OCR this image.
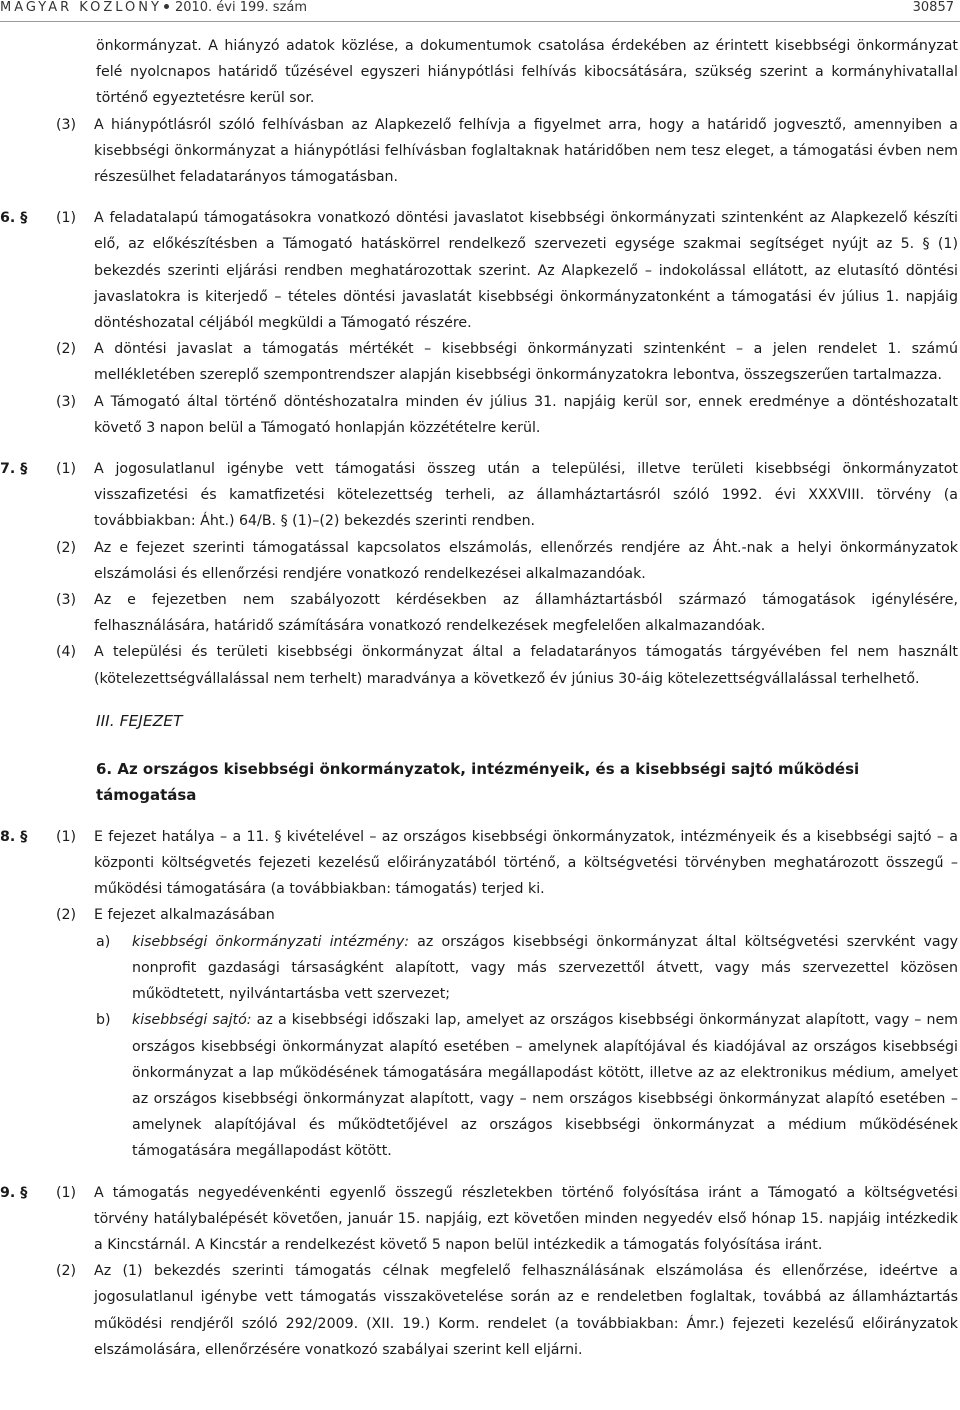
MAGYAR KÖZLÖNY 2010. évi 199. szám	30857
önkormányzat. A hiányzó adatok közlése, a dokumentumok csatolása érdekében az érintett kisebbségi önkormányzat felé nyolcnapos határidő tűzésével egyszeri hiánypótlási felhívás kibocsátására, szükség szerint a kormányhivatallal történő egyeztetésre kerül sor.
(3)	A hiánypótlásról szóló felhívásban az Alapkezelő felhívja a figyelmet arra, hogy a határidő jogvesztő, amennyiben a kisebbségi önkormányzat a hiánypótlási felhívásban foglaltaknak határidőben nem tesz eleget, a támogatási évben nem részesülhet feladatarányos támogatásban.
6. §	(1)	A feladatalapú támogatásokra vonatkozó döntési javaslatot kisebbségi önkormányzati szintenként az Alapkezelő készíti elő, az előkészítésben a Támogató hatáskörrel rendelkező szervezeti egysége szakmai segítséget nyújt az 5. § (1) bekezdés szerinti eljárási rendben meghatározottak szerint. Az Alapkezelő – indokolással ellátott, az elutasító döntési javaslatokra is kiterjedő – tételes döntési javaslatát kisebbségi önkormányzatonként a támogatási év július 1. napjáig döntéshozatal céljából megküldi a Támogató részére.
(2)	A döntési javaslat a támogatás mértékét – kisebbségi önkormányzati szintenként – a jelen rendelet 1. számú mellékletében szereplő szempontrendszer alapján kisebbségi önkormányzatokra lebontva, összegszerűen tartalmazza.
(3)	A Támogató által történő döntéshozatalra minden év július 31. napjáig kerül sor, ennek eredménye a döntéshozatalt követő 3 napon belül a Támogató honlapján közzétételre kerül.
7. §	(1)	A jogosulatlanul igénybe vett támogatási összeg után a települési, illetve területi kisebbségi önkormányzatot visszafizetési és kamatfizetési kötelezettség terheli, az államháztartásról szóló 1992. évi XXXVIII. törvény (a továbbiakban: Áht.) 64/B. § (1)–(2) bekezdés szerinti rendben.
(2)	Az e fejezet szerinti támogatással kapcsolatos elszámolás, ellenőrzés rendjére az Áht.-nak a helyi önkormányzatok elszámolási és ellenőrzési rendjére vonatkozó rendelkezései alkalmazandóak.
(3)	Az e fejezetben nem szabályozott kérdésekben az államháztartásból származó támogatások igénylésére, felhasználására, határidő számítására vonatkozó rendelkezések megfelelően alkalmazandóak.
(4)	A települési és területi kisebbségi önkormányzat által a feladatarányos támogatás tárgyévében fel nem használt (kötelezettségvállalással nem terhelt) maradványa a következő év június 30-áig kötelezettségvállalással terhelhető.
III. FEJEZET
6. Az országos kisebbségi önkormányzatok, intézményeik, és a kisebbségi sajtó működési támogatása
8. §	(1)	E fejezet hatálya – a 11. § kivételével – az országos kisebbségi önkormányzatok, intézményeik és a kisebbségi sajtó – a központi költségvetés fejezeti kezelésű előirányzatából történő, a költségvetési törvényben meghatározott összegű – működési támogatására (a továbbiakban: támogatás) terjed ki.
(2)	E fejezet alkalmazásában
a)	kisebbségi önkormányzati intézmény: az országos kisebbségi önkormányzat által költségvetési szervként vagy nonprofit gazdasági társaságként alapított, vagy más szervezettől átvett, vagy más szervezettel közösen működtetett, nyilvántartásba vett szervezet;
b)	kisebbségi sajtó: az a kisebbségi időszaki lap, amelyet az országos kisebbségi önkormányzat alapított, vagy – nem országos kisebbségi önkormányzat alapító esetében – amelynek alapítójával és kiadójával az országos kisebbségi önkormányzat a lap működésének támogatására megállapodást kötött, illetve az az elektronikus médium, amelyet az országos kisebbségi önkormányzat alapított, vagy – nem országos kisebbségi önkormányzat alapító esetében – amelynek alapítójával és működtetőjével az országos kisebbségi önkormányzat a médium működésének támogatására megállapodást kötött.
9. §	(1)	A támogatás negyedévenkénti egyenlő összegű részletekben történő folyósítása iránt a Támogató a költségvetési törvény hatálybalépését követően, január 15. napjáig, ezt követően minden negyedév első hónap 15. napjáig intézkedik a Kincstárnál. A Kincstár a rendelkezést követő 5 napon belül intézkedik a támogatás folyósítása iránt.
(2)	Az (1) bekezdés szerinti támogatás célnak megfelelő felhasználásának elszámolása és ellenőrzése, ideértve a jogosulatlanul igénybe vett támogatás visszakövetelése során az e rendeletben foglaltak, továbbá az államháztartás működési rendjéről szóló 292/2009. (XII. 19.) Korm. rendelet (a továbbiakban: Ámr.) fejezeti kezelésű előirányzatok elszámolására, ellenőrzésére vonatkozó szabályai szerint kell eljárni.
